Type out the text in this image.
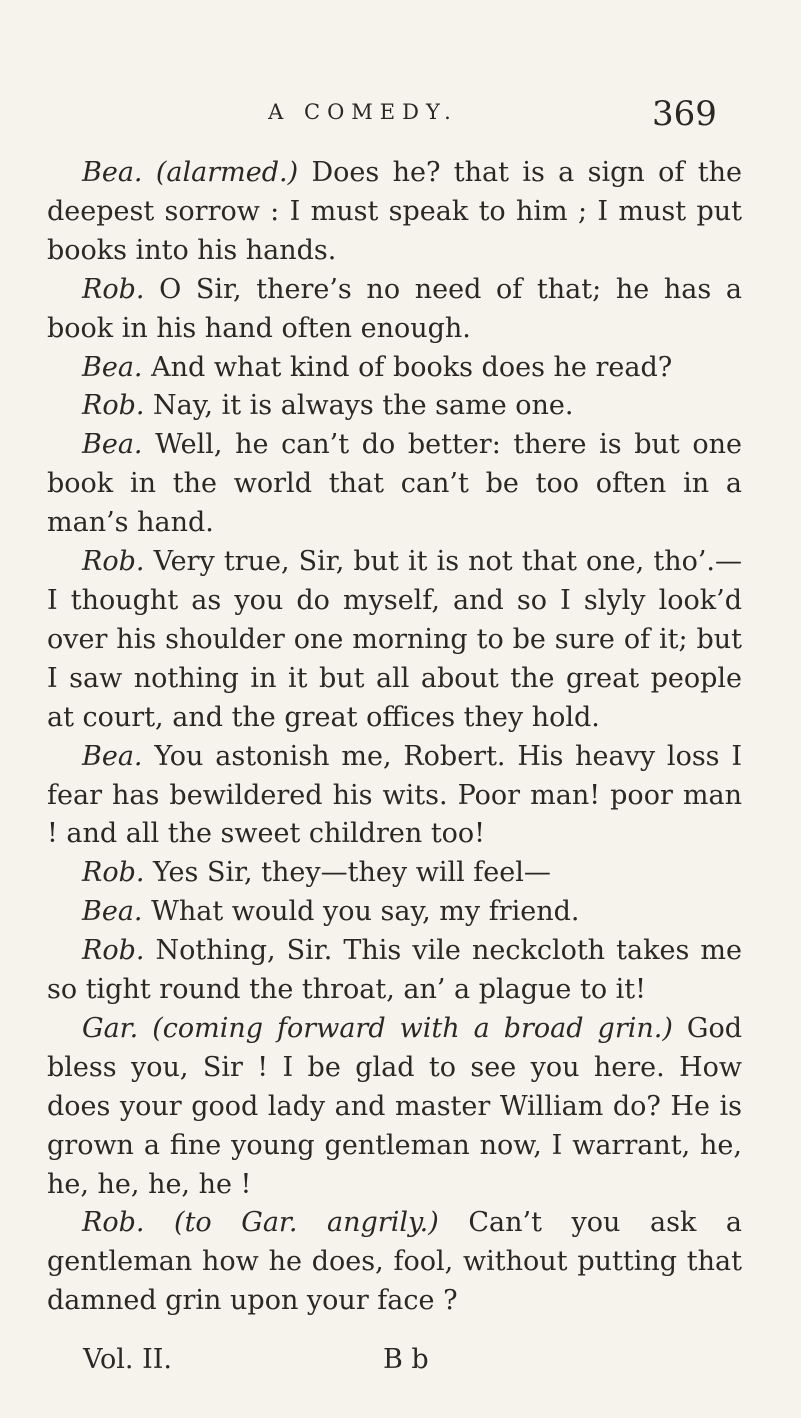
A COMEDY.	369

Bea. (alarmed.) Does he? that is a sign of the deepest sorrow : I must speak to him ; I must put books into his hands.

Rob. O Sir, there’s no need of that; he has a book in his hand often enough.

Bea. And what kind of books does he read?

Rob. Nay, it is always the same one.

Bea. Well, he can’t do better: there is but one book in the world that can’t be too often in a man’s hand.

Rob. Very true, Sir, but it is not that one, tho’.— I thought as you do myself, and so I slyly look’d over his shoulder one morning to be sure of it; but I saw nothing in it but all about the great people at court, and the great offices they hold.

Bea. You astonish me, Robert. His heavy loss I fear has bewildered his wits. Poor man! poor man ! and all the sweet children too!

Rob. Yes Sir, they—they will feel—

Bea. What would you say, my friend.

Rob. Nothing, Sir. This vile neckcloth takes me so tight round the throat, an’ a plague to it!

Gar. (coming forward with a broad grin.) God bless you, Sir ! I be glad to see you here. How does your good lady and master William do? He is grown a fine young gentleman now, I warrant, he, he, he, he, he !

Rob. (to Gar. angrily.) Can’t you ask a gentleman how he does, fool, without putting that damned grin upon your face ?

Vol. II.	B b
